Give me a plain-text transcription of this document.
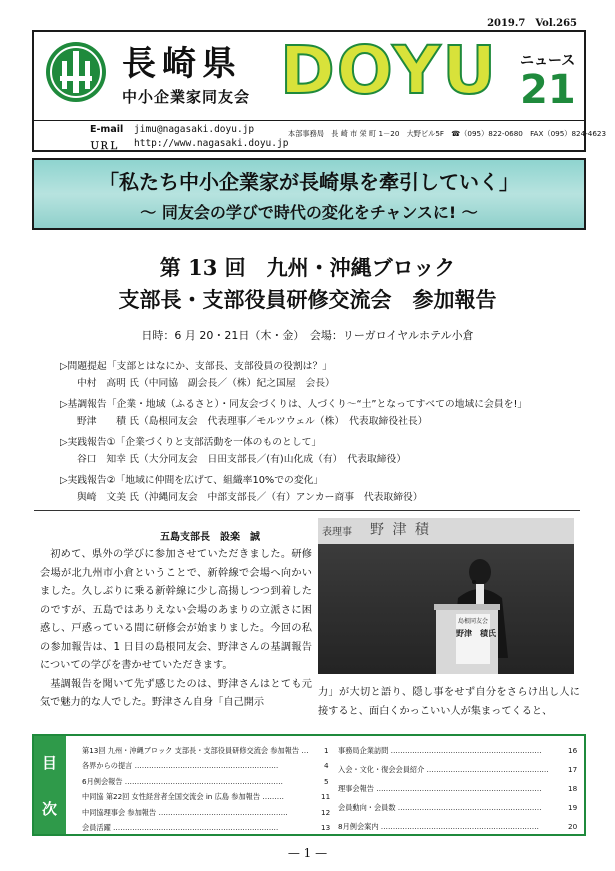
2019.7　Vol.265
長崎県
中小企業家同友会 DOYU ニュース
21
E-mail jimu@nagasaki.doyu.jp
ＵＲＬ http://www.nagasaki.doyu.jp
本部事務局　長 崎 市 栄 町 1－20　大野ビル5F　☎（095）822-0680　FAX（095）824-4623
「私たち中小企業家が長崎県を牽引していく」
～ 同友会の学びで時代の変化をチャンスに! ～
第 13 回　九州・沖縄ブロック
支部長・支部役員研修交流会　参加報告
日時：6 月 20・21日（木・金）　会場：リーガロイヤルホテル小倉
▷問題提起「支部とはなにか、支部長、支部役員の役割は？」
中村　高明 氏（中同協　副会長／（株）紀之国屋　会長）
▷基調報告「企業・地域（ふるさと）・同友会づくりは、人づくり～“土”となってすべての地域に会員を!」
野津　　積 氏（島根同友会　代表理事／モルツウェル（株）　代表取締役社長）
▷実践報告①「企業づくりと支部活動を一体のものとして」
谷口　知幸 氏（大分同友会　日田支部長／(有)山化成（有）　代表取締役）
▷実践報告②「地域に仲間を広げて、組織率10%での変化」
與崎　文美 氏（沖縄同友会　中部支部長／（有）アンカー商事　代表取締役）
五島支部長　設楽　誠

初めて、県外の学びに参加させていただきました。研修会場が北九州市小倉ということで、新幹線で会場へ向かいました。久しぶりに乗る新幹線に少し高揚しつつ到着したのですが、五島ではありえない会場のあまりの立派さに困惑し、戸惑っている間に研修会が始まりました。今回の私の参加報告は、1 日目の島根同友会、野津さんの基調報告についての学びを書かせていただきます。

基調報告を聞いて先ず感じたのは、野津さんはとても元気で魅力的な人でした。野津さん自身「自己開示

表理事 野 津 積
島根同友会
野津　積氏
力」が大切と語り、隠し事をせず自分をさらけ出し人に接すると、面白くかっこいい人が集まってくると、
目
次
第13回 九州・沖縄ブロック 支部長・支部役員研修交流会 参加報告 … 1
各界からの提言 ……………………………………………………	4
6月例会報告 …………………………………………………………	5
中同協 第22回 女性経営者全国交流会 in 広島 参加報告 ………	11
中同協理事会 参加報告 ………………………………………………	12
会員活躍 ……………………………………………………………	13
事務局企業訪問 ………………………………………………………	16
入会・文化・復会会員紹介 ……………………………………………	17
理事会報告 ……………………………………………………………	18
会員動向・会員数 ……………………………………………………	19
8月例会案内 …………………………………………………………	20
— 1 —
